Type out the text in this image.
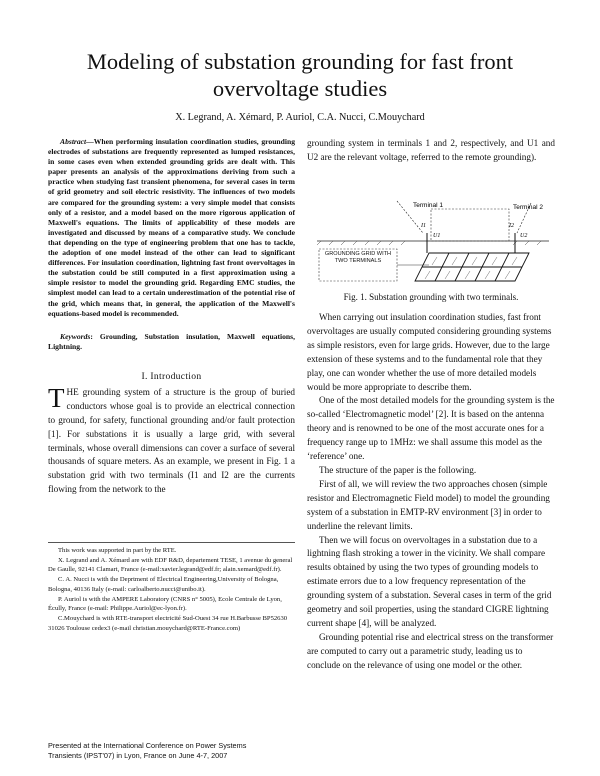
Modeling of substation grounding for fast front
overvoltage studies
X. Legrand, A. Xémard, P. Auriol, C.A. Nucci, C.Mouychard

Abstract—When performing insulation coordination studies, grounding electrodes of substations are frequently represented as lumped resistances, in some cases even when extended grounding grids are dealt with. This paper presents an analysis of the approximations deriving from such a practice when studying fast transient phenomena, for several cases in term of grid geometry and soil electric resistivity. The influences of two models are compared for the grounding system: a very simple model that consists only of a resistor, and a model based on the more rigorous application of Maxwell's equations. The limits of applicability of these models are investigated and discussed by means of a comparative study. We conclude that depending on the type of engineering problem that one has to tackle, the adoption of one model instead of the other can lead to significant differences. For insulation coordination, lightning fast front overvoltages in the substation could be still computed in a first approximation using a simple resistor to model the grounding grid. Regarding EMC studies, the simplest model can lead to a certain underestimation of the potential rise of the grid, which means that, in general, the application of the Maxwell's equations-based model is recommended.

Keywords: Grounding, Substation insulation, Maxwell equations, Lightning.

I. Introduction

THE grounding system of a structure is the group of buried conductors whose goal is to provide an electrical connection to ground, for safety, functional grounding and/or fault protection [1]. For substations it is usually a large grid, with several terminals, whose overall dimensions can cover a surface of several thousands of square meters. As an example, we present in Fig. 1 a substation grid with two terminals (I1 and I2 are the currents flowing from the network to the

This work was supported in part by the RTE.

X. Legrand and A. Xémard are with EDF R&D, departement TESE, 1 avenue du general De Gaulle, 92141 Clamart, France (e-mail:xavier.legrand@edf.fr; alain.xemard@edf.fr).

C. A. Nucci is with the Deprtment of Electrical Engineering,University of Bologna, Bologna, 40136 Italy (e-mail: carloalberto.nucci@unibo.it).

P. Auriol is with the AMPERE Laboratory (CNRS n° 5005), Ecole Centrale de Lyon, Écully, France (e-mail: Philippe.Auriol@ec-lyon.fr).

C.Mouychard is with RTE-transport electricité Sud-Ouest 34 rue H.Barbusse BP52630 31026 Toulouse cedex3 (e-mail christian.mouychard@RTE-France.com)

Presented at the International Conference on Power Systems
Transients (IPST'07) in Lyon, France on June 4-7, 2007

grounding system in terminals 1 and 2, respectively, and U1 and U2 are the relevant voltage, referred to the remote grounding).

Terminal 1	Terminal 2
I1	I2
U1	U2
GROUNDING GRID WITH TWO TERMINALS
Fig. 1. Substation grounding with two terminals.

When carrying out insulation coordination studies, fast front overvoltages are usually computed considering grounding systems as simple resistors, even for large grids. However, due to the large extension of these systems and to the fundamental role that they play, one can wonder whether the use of more detailed models would be more appropriate to describe them.

One of the most detailed models for the grounding system is the so-called ‘Electromagnetic model’ [2]. It is based on the antenna theory and is renowned to be one of the most accurate ones for a frequency range up to 1MHz: we shall assume this model as the ‘reference’ one.

The structure of the paper is the following.

First of all, we will review the two approaches chosen (simple resistor and Electromagnetic Field model) to model the grounding system of a substation in EMTP-RV environment [3] in order to underline the relevant limits.

Then we will focus on overvoltages in a substation due to a lightning flash stroking a tower in the vicinity. We shall compare results obtained by using the two types of grounding models to estimate errors due to a low frequency representation of the grounding system of a substation. Several cases in term of the grid geometry and soil properties, using the standard CIGRE lightning current shape [4], will be analyzed.

Grounding potential rise and electrical stress on the transformer are computed to carry out a parametric study, leading us to conclude on the relevance of using one model or the other.
